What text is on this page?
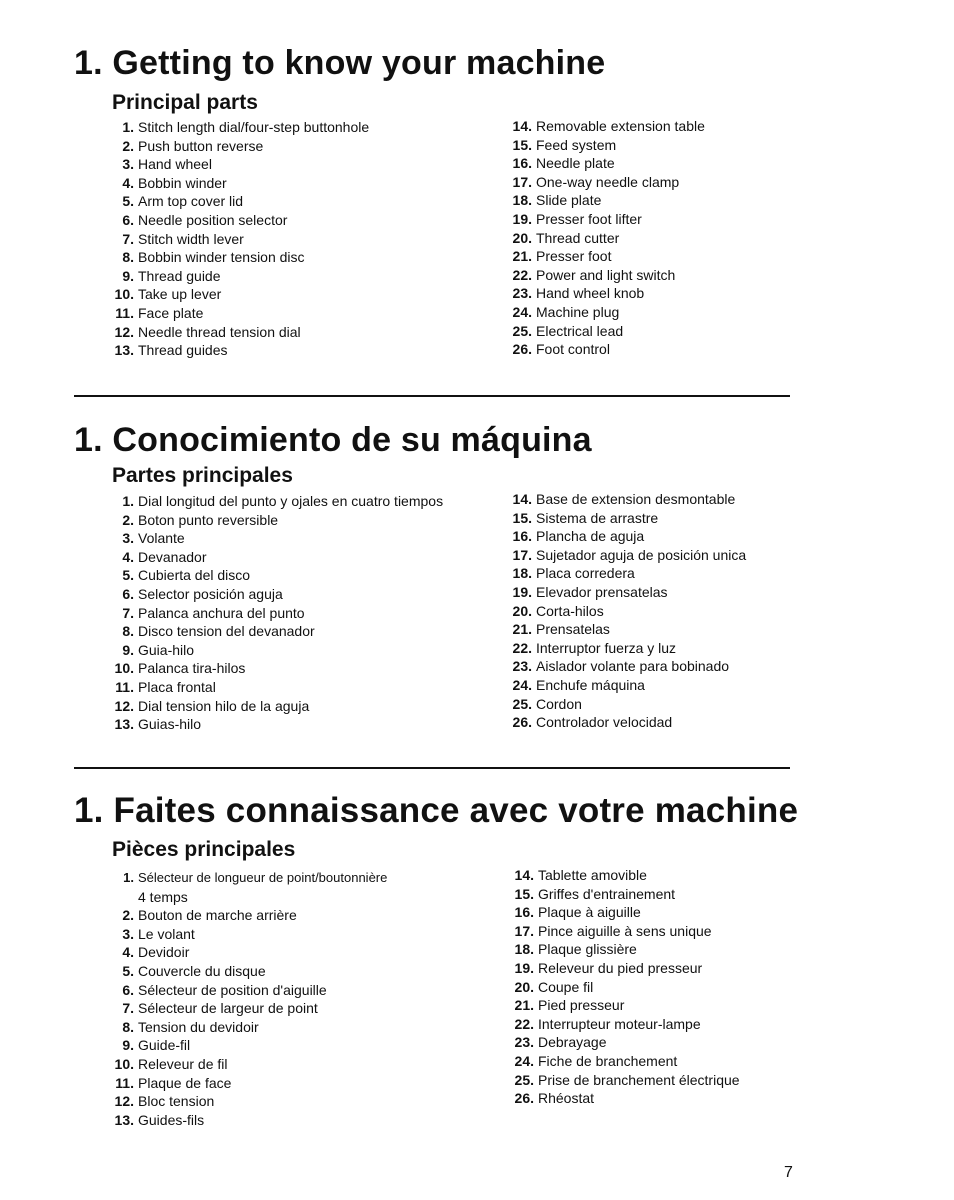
1. Getting to know your machine
Principal parts
1. Stitch length dial/four-step buttonhole
2. Push button reverse
3. Hand wheel
4. Bobbin winder
5. Arm top cover lid
6. Needle position selector
7. Stitch width lever
8. Bobbin winder tension disc
9. Thread guide
10. Take up lever
11. Face plate
12. Needle thread tension dial
13. Thread guides
14. Removable extension table
15. Feed system
16. Needle plate
17. One-way needle clamp
18. Slide plate
19. Presser foot lifter
20. Thread cutter
21. Presser foot
22. Power and light switch
23. Hand wheel knob
24. Machine plug
25. Electrical lead
26. Foot control
1. Conocimiento de su máquina
Partes principales
1. Dial longitud del punto y ojales en cuatro tiempos
2. Boton punto reversible
3. Volante
4. Devanador
5. Cubierta del disco
6. Selector posición aguja
7. Palanca anchura del punto
8. Disco tension del devanador
9. Guia-hilo
10. Palanca tira-hilos
11. Placa frontal
12. Dial tension hilo de la aguja
13. Guias-hilo
14. Base de extension desmontable
15. Sistema de arrastre
16. Plancha de aguja
17. Sujetador aguja de posición unica
18. Placa corredera
19. Elevador prensatelas
20. Corta-hilos
21. Prensatelas
22. Interruptor fuerza y luz
23. Aislador volante para bobinado
24. Enchufe máquina
25. Cordon
26. Controlador velocidad
1. Faites connaissance avec votre machine
Pièces principales
1. Sélecteur de longueur de point/boutonnière
4 temps
2. Bouton de marche arrière
3. Le volant
4. Devidoir
5. Couvercle du disque
6. Sélecteur de position d'aiguille
7. Sélecteur de largeur de point
8. Tension du devidoir
9. Guide-fil
10. Releveur de fil
11. Plaque de face
12. Bloc tension
13. Guides-fils
14. Tablette amovible
15. Griffes d'entrainement
16. Plaque à aiguille
17. Pince aiguille à sens unique
18. Plaque glissière
19. Releveur du pied presseur
20. Coupe fil
21. Pied presseur
22. Interrupteur moteur-lampe
23. Debrayage
24. Fiche de branchement
25. Prise de branchement électrique
26. Rhéostat
7
